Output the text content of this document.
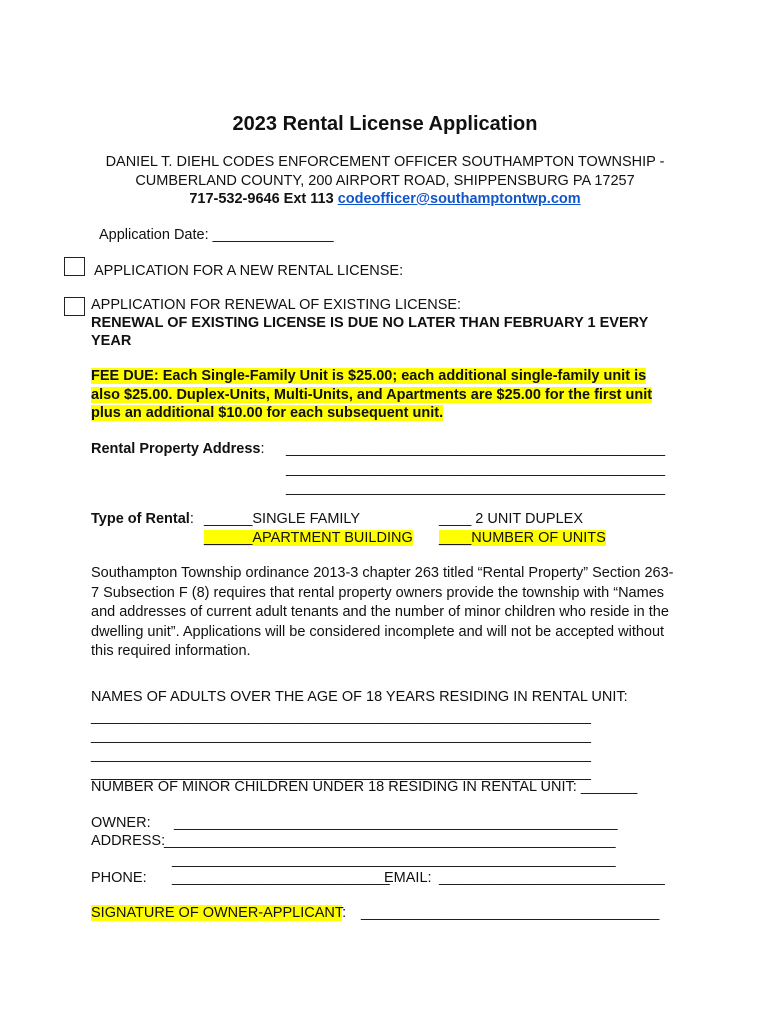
2023 Rental License Application
DANIEL T. DIEHL CODES ENFORCEMENT OFFICER SOUTHAMPTON TOWNSHIP -
CUMBERLAND COUNTY, 200 AIRPORT ROAD, SHIPPENSBURG PA 17257
717-532-9646 Ext 113 codeofficer@southamptontwp.com
Application Date: _______________
APPLICATION FOR A NEW RENTAL LICENSE:
APPLICATION FOR RENEWAL OF EXISTING LICENSE:
RENEWAL OF EXISTING LICENSE IS DUE NO LATER THAN FEBRUARY 1 EVERY
YEAR
FEE DUE: Each Single-Family Unit is $25.00; each additional single-family unit is
also $25.00. Duplex-Units, Multi-Units, and Apartments are $25.00 for the first unit
plus an additional $10.00 for each subsequent unit.
Rental Property Address: _______________________________________________
_______________________________________________
_______________________________________________
Type of Rental: ______SINGLE FAMILY	____ 2 UNIT DUPLEX
______APARTMENT BUILDING ____NUMBER OF UNITS
Southampton Township ordinance 2013-3 chapter 263 titled “Rental Property” Section 263-7 Subsection F (8) requires that rental property owners provide the township with “Names and addresses of current adult tenants and the number of minor children who reside in the dwelling unit”. Applications will be considered incomplete and will not be accepted without this required information.
NAMES OF ADULTS OVER THE AGE OF 18 YEARS RESIDING IN RENTAL UNIT:
______________________________________________________________
______________________________________________________________
______________________________________________________________
______________________________________________________________
NUMBER OF MINOR CHILDREN UNDER 18 RESIDING IN RENTAL UNIT: _______
OWNER: _______________________________________________________
ADDRESS:
________________________________________________________
_______________________________________________________
PHONE: ___________________________
EMAIL: ____________________________
SIGNATURE OF OWNER-APPLICANT: _____________________________________
